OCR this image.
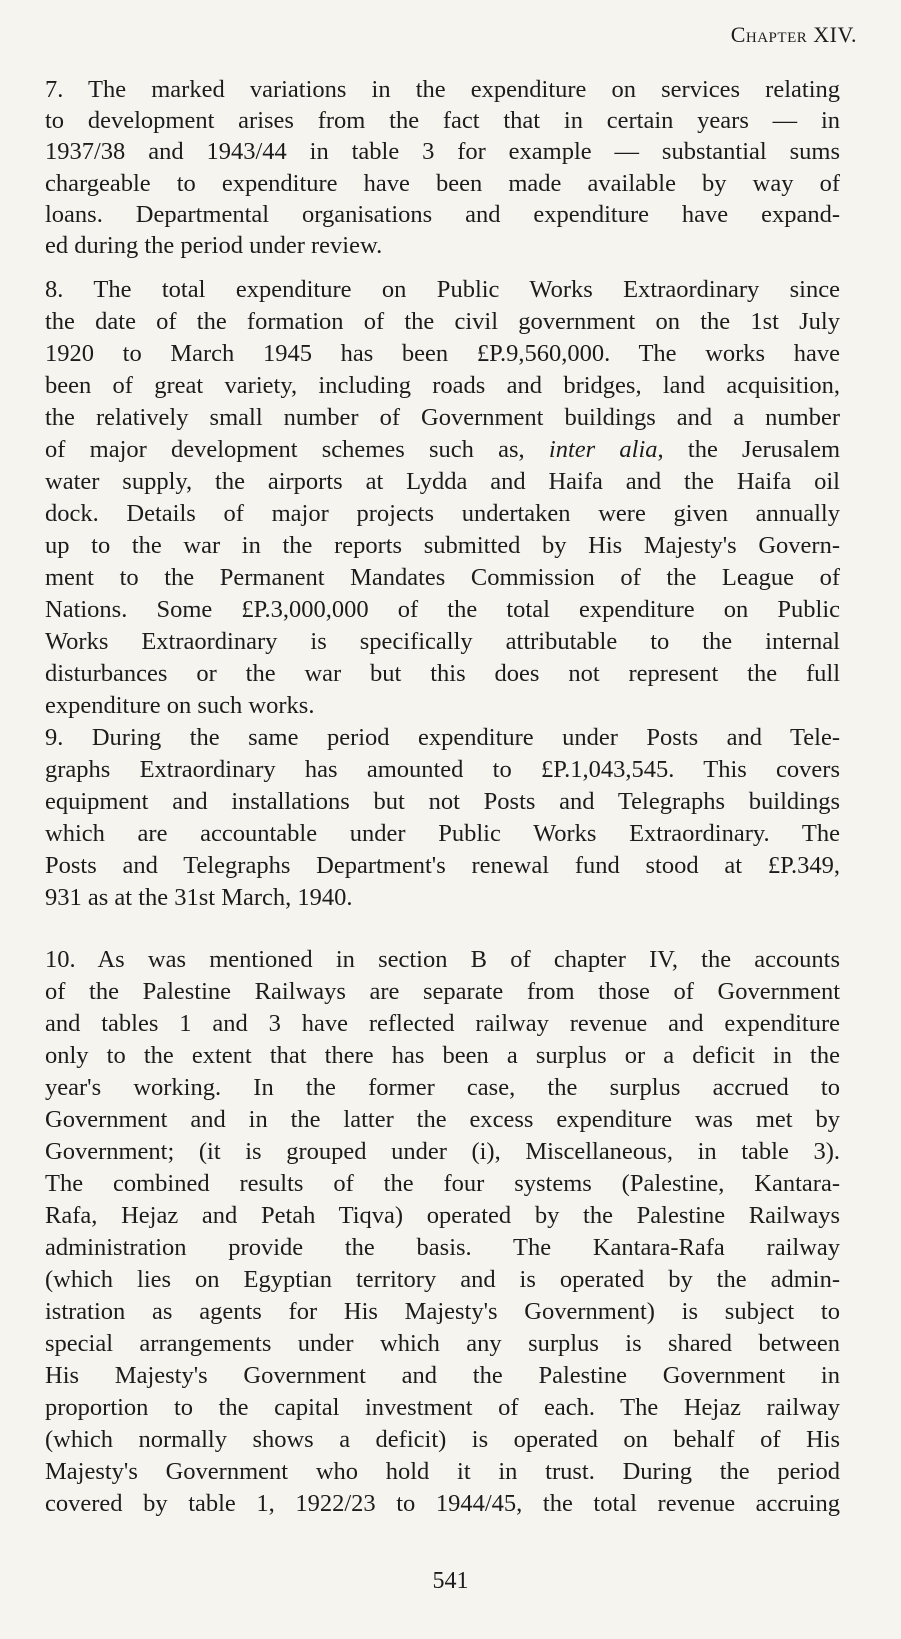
Chapter XIV.
7. The marked variations in the expenditure on services relating
to development arises from the fact that in certain years — in
1937/38 and 1943/44 in table 3 for example — substantial sums
chargeable to expenditure have been made available by way of
loans. Departmental organisations and expenditure have expand-
ed during the period under review.
8. The total expenditure on Public Works Extraordinary since
the date of the formation of the civil government on the 1st July
1920 to March 1945 has been £P.9,560,000. The works have
been of great variety, including roads and bridges, land acquisition,
the relatively small number of Government buildings and a number
of major development schemes such as, inter alia, the Jerusalem
water supply, the airports at Lydda and Haifa and the Haifa oil
dock. Details of major projects undertaken were given annually
up to the war in the reports submitted by His Majesty's Govern-
ment to the Permanent Mandates Commission of the League of
Nations. Some £P.3,000,000 of the total expenditure on Public
Works Extraordinary is specifically attributable to the internal
disturbances or the war but this does not represent the full
expenditure on such works.
9. During the same period expenditure under Posts and Tele-
graphs Extraordinary has amounted to £P.1,043,545. This covers
equipment and installations but not Posts and Telegraphs buildings
which are accountable under Public Works Extraordinary. The
Posts and Telegraphs Department's renewal fund stood at £P.349,
931 as at the 31st March, 1940.
10. As was mentioned in section B of chapter IV, the accounts
of the Palestine Railways are separate from those of Government
and tables 1 and 3 have reflected railway revenue and expenditure
only to the extent that there has been a surplus or a deficit in the
year's working. In the former case, the surplus accrued to
Government and in the latter the excess expenditure was met by
Government; (it is grouped under (i), Miscellaneous, in table 3).
The combined results of the four systems (Palestine, Kantara-
Rafa, Hejaz and Petah Tiqva) operated by the Palestine Railways
administration provide the basis. The Kantara-Rafa railway
(which lies on Egyptian territory and is operated by the admin-
istration as agents for His Majesty's Government) is subject to
special arrangements under which any surplus is shared between
His Majesty's Government and the Palestine Government in
proportion to the capital investment of each. The Hejaz railway
(which normally shows a deficit) is operated on behalf of His
Majesty's Government who hold it in trust. During the period
covered by table 1, 1922/23 to 1944/45, the total revenue accruing
541
